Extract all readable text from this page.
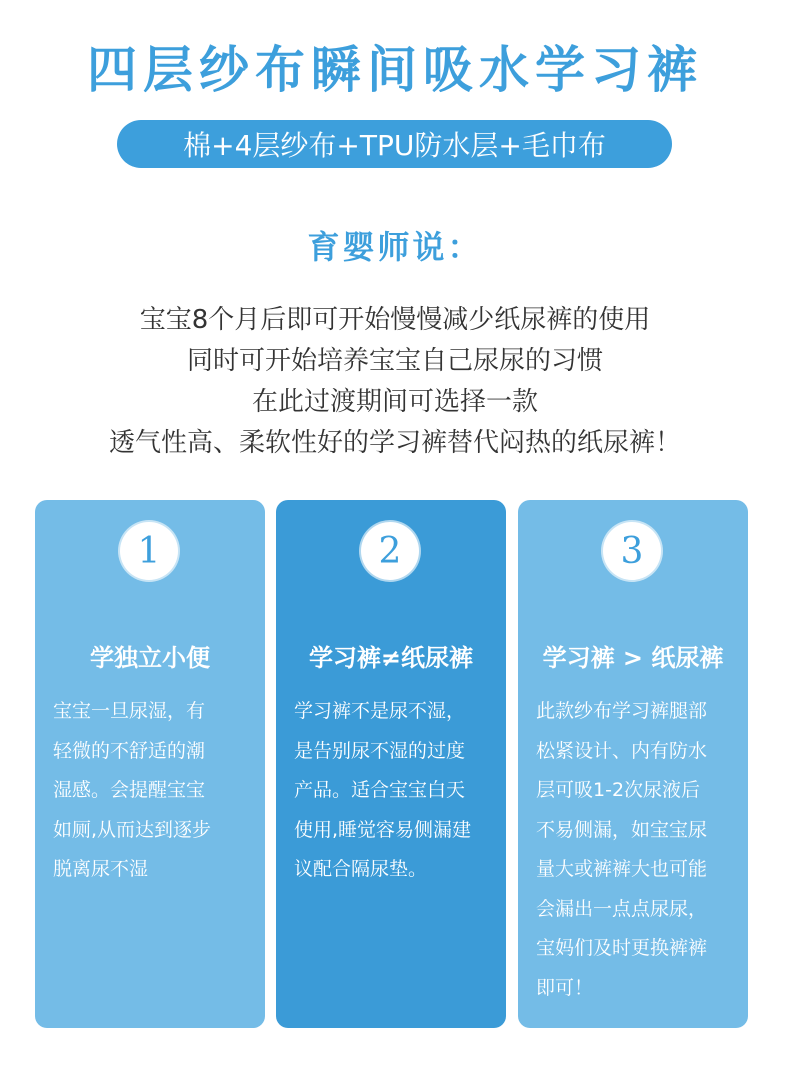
四层纱布瞬间吸水学习裤
棉+4层纱布+TPU防水层+毛巾布
育婴师说：
宝宝8个月后即可开始慢慢减少纸尿裤的使用
同时可开始培养宝宝自己尿尿的习惯
在此过渡期间可选择一款
透气性高、柔软性好的学习裤替代闷热的纸尿裤！
1
学独立小便
宝宝一旦尿湿，有
轻微的不舒适的潮
湿感。会提醒宝宝
如厕,从而达到逐步
脱离尿不湿
2
学习裤≠纸尿裤
学习裤不是尿不湿，
是告别尿不湿的过度
产品。适合宝宝白天
使用,睡觉容易侧漏建
议配合隔尿垫。
3
学习裤 > 纸尿裤
此款纱布学习裤腿部
松紧设计、内有防水
层可吸1-2次尿液后
不易侧漏，如宝宝尿
量大或裤裤大也可能
会漏出一点点尿尿，
宝妈们及时更换裤裤
即可！
